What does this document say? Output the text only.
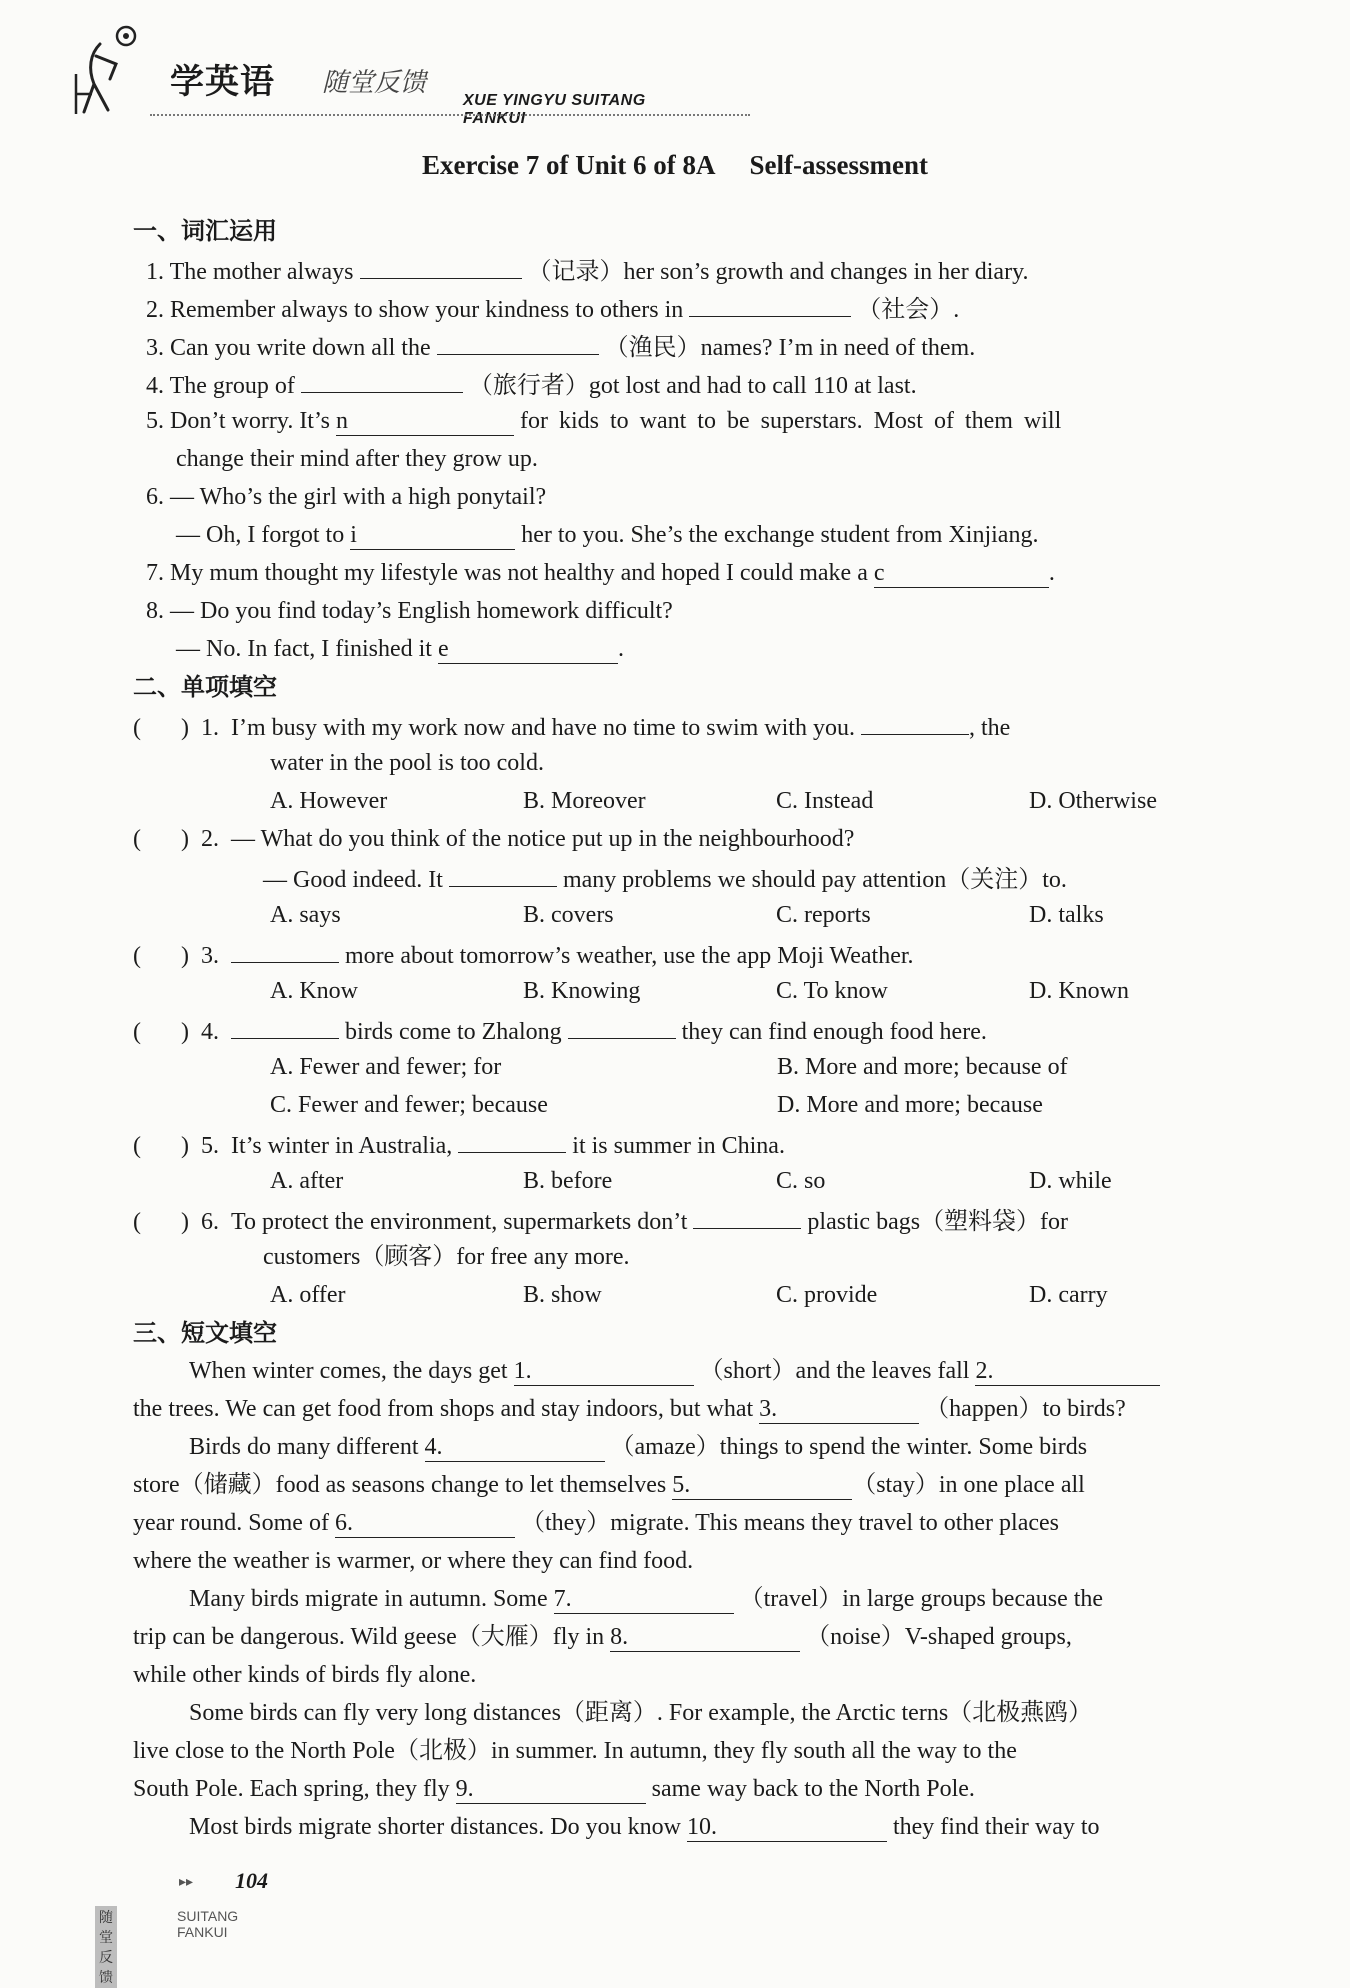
学英语 随堂反馈
XUE YINGYU SUITANG FANKUI
Exercise 7 of Unit 6 of 8A Self-assessment
一、词汇运用
1. The mother always	（记录）her son’s growth and changes in her diary.
2. Remember always to show your kindness to others in	（社会）.
3. Can you write down all the	（渔民）names? I’m in need of them.
4. The group of	（旅行者）got lost and had to call 110 at last.
5. Don’t worry. It’s n	for kids to want to be superstars. Most of them will
change their mind after they grow up.
6. — Who’s the girl with a high ponytail?
— Oh, I forgot to i	her to you. She’s the exchange student from Xinjiang.
7. My mum thought my lifestyle was not healthy and hoped I could make a c	.
8. — Do you find today’s English homework difficult?
— No. In fact, I finished it e	.
二、单项填空
( ) 1. I’m busy with my work now and have no time to swim with you.	, the
water in the pool is too cold.
A. However	B. Moreover	C. Instead	D. Otherwise
( ) 2. — What do you think of the notice put up in the neighbourhood?
— Good indeed. It	many problems we should pay attention（关注）to.
A. says	B. covers	C. reports	D. talks
( ) 3.	more about tomorrow’s weather, use the app Moji Weather.
A. Know	B. Knowing	C. To know	D. Known
( ) 4.	birds come to Zhalong	they can find enough food here.
A. Fewer and fewer; for	B. More and more; because of
C. Fewer and fewer; because	D. More and more; because
( ) 5. It’s winter in Australia,	it is summer in China.
A. after	B. before	C. so	D. while
( ) 6. To protect the environment, supermarkets don’t	plastic bags（塑料袋）for
customers（顾客）for free any more.
A. offer	B. show	C. provide	D. carry
三、短文填空
When winter comes, the days get 1.	（short）and the leaves fall 2.
the trees. We can get food from shops and stay indoors, but what 3.	（happen）to birds?
Birds do many different 4.	（amaze）things to spend the winter. Some birds
store（储藏）food as seasons change to let themselves 5.	（stay）in one place all
year round. Some of 6.	（they）migrate. This means they travel to other places
where the weather is warmer, or where they can find food.
Many birds migrate in autumn. Some 7.	（travel）in large groups because the
trip can be dangerous. Wild geese（大雁）fly in 8.	（noise）V-shaped groups,
while other kinds of birds fly alone.
Some birds can fly very long distances（距离）. For example, the Arctic terns（北极燕鸥）
live close to the North Pole（北极）in summer. In autumn, they fly south all the way to the
South Pole. Each spring, they fly 9.	same way back to the North Pole.
Most birds migrate shorter distances. Do you know 10.	they find their way to
▸▸ 104
随堂反馈
SUITANG FANKUI
